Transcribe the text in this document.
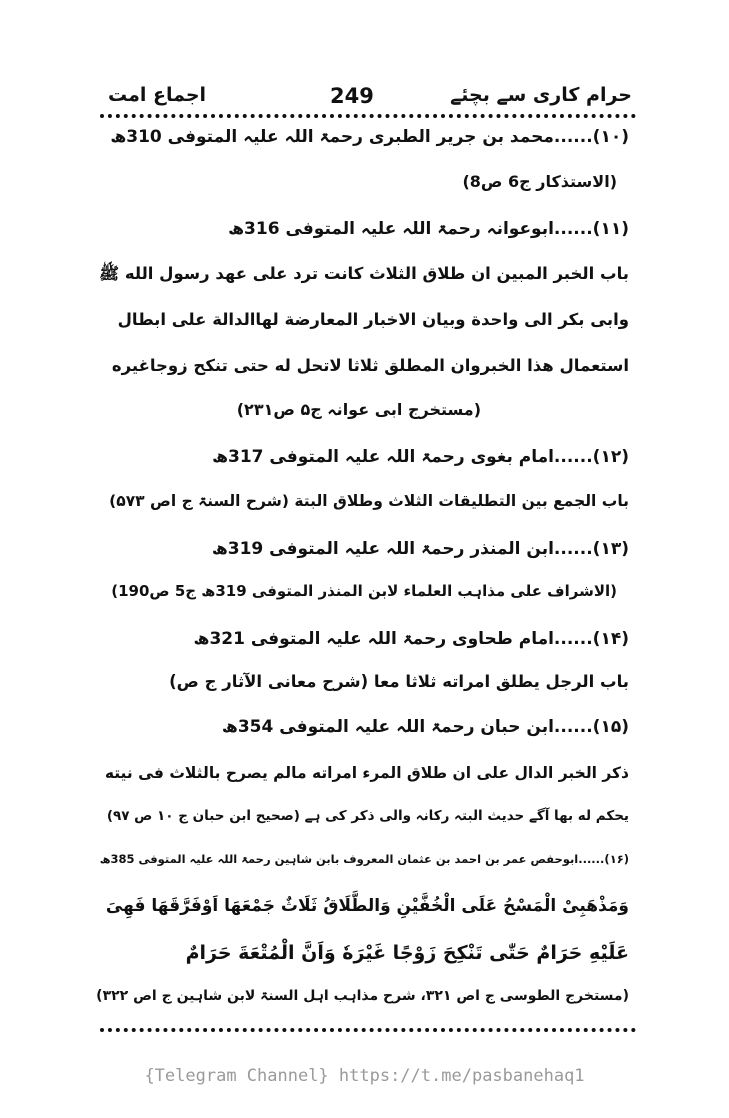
اجماع امت	249	حرام کاری سے بچئے
(۱۰)......محمد بن جریر الطبری رحمۃ اللہ علیہ المتوفی 310ھ
(الاستذکار ج6 ص8)
(۱۱)......ابوعوانہ رحمۃ اللہ علیہ المتوفی 316ھ
باب الخبر المبین ان طلاق الثلاث کانت ترد علی عهد رسول الله ﷺ
وابی بکر الی واحدة وبیان الاخبار المعارضة لهاالدالة علی ابطال
استعمال هذا الخبروان المطلق ثلاثا لاتحل له حتی تنکح زوجاغیره
(مستخرج ابی عوانہ ج۵ ص۲۳۱)
(۱۲)......امام بغوی رحمۃ اللہ علیہ المتوفی 317ھ
باب الجمع بین التطلیقات الثلاث وطلاق البتة (شرح السنۃ ج اص ۵۷۳)
(۱۳)......ابن المنذر رحمۃ اللہ علیہ المتوفی 319ھ
(الاشراف علی مذاہب العلماء لابن المنذر المتوفی 319ھ ج5 ص190)
(۱۴)......امام طحاوی رحمۃ اللہ علیہ المتوفی 321ھ
باب الرجل یطلق امراته ثلاثا معا (شرح معانی الآثار ج ص)
(۱۵)......ابن حبان رحمۃ اللہ علیہ المتوفی 354ھ
ذکر الخبر الدال علی ان طلاق المرء امراته مالم یصرح بالثلاث فی نیته
یحکم له بها آگے حدیث البتہ رکانہ والی ذکر کی ہے (صحیح ابن حبان ج ۱۰ ص ۹۷)
(۱۶)......ابوحفص عمر بن احمد بن عثمان المعروف بابن شاہین رحمۃ اللہ علیہ المتوفی 385ھ
وَمَذْهَبِیْ الْمَسْحُ عَلَی الْخُفَّیْنِ وَالطَّلَاقُ ثَلَاثٌ جَمْعَهَا اَوْفَرَّقَهَا فَهِیَ
عَلَیْهِ حَرَامٌ حَتّٰی تَنْکِحَ زَوْجًا غَیْرَهٗ وَاَنَّ الْمُتْعَةَ حَرَامٌ
(مستخرج الطوسی ج اص ۳۲۱، شرح مذاہب اہل السنۃ لابن شاہین ج اص ۳۲۲)
{Telegram Channel} https://t.me/pasbanehaq1
